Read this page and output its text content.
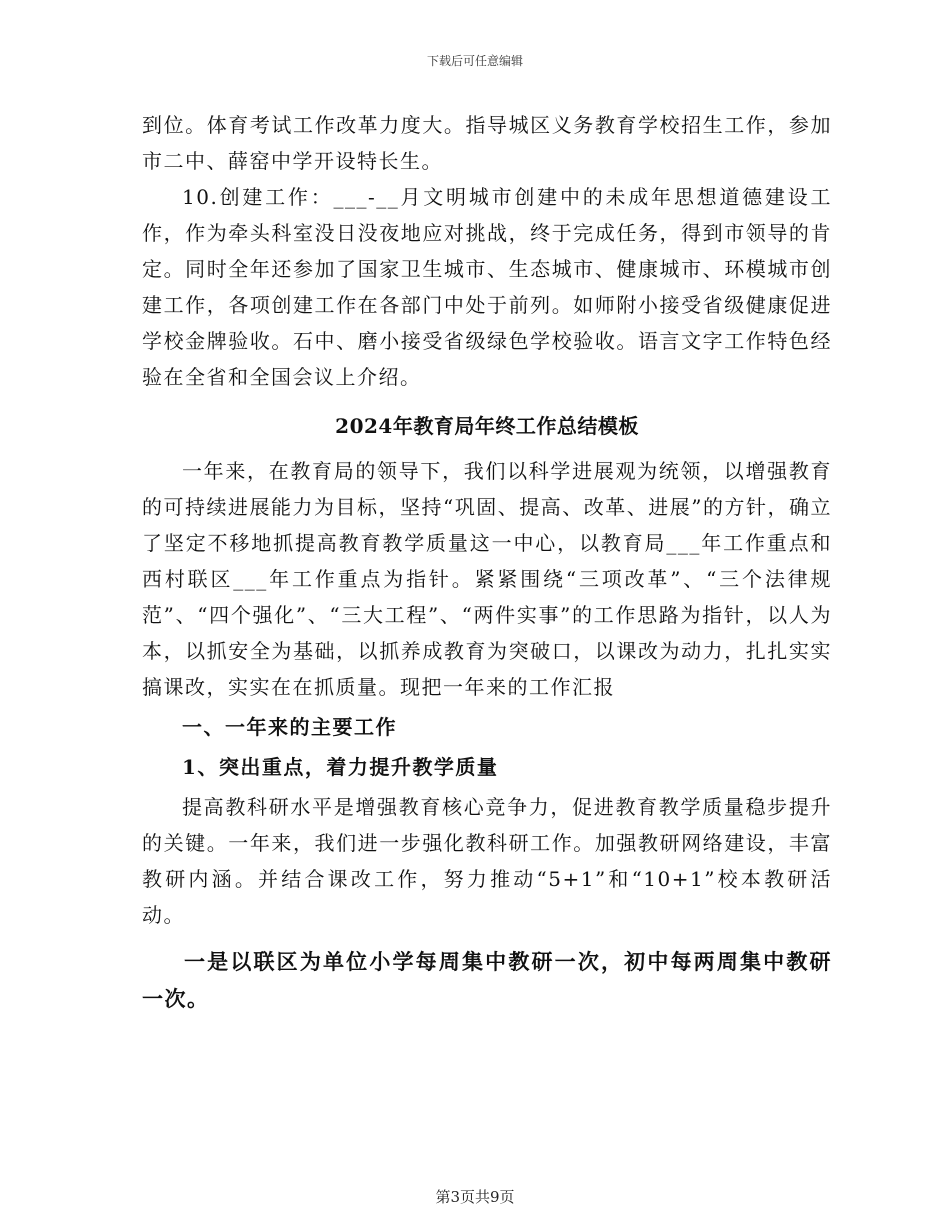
下载后可任意编辑

到位。体育考试工作改革力度大。指导城区义务教育学校招生工作，参加市二中、薛窑中学开设特长生。

10.创建工作：___-__月文明城市创建中的未成年思想道德建设工作，作为牵头科室没日没夜地应对挑战，终于完成任务，得到市领导的肯定。同时全年还参加了国家卫生城市、生态城市、健康城市、环模城市创建工作，各项创建工作在各部门中处于前列。如师附小接受省级健康促进学校金牌验收。石中、磨小接受省级绿色学校验收。语言文字工作特色经验在全省和全国会议上介绍。

2024年教育局年终工作总结模板

一年来，在教育局的领导下，我们以科学进展观为统领，以增强教育的可持续进展能力为目标，坚持“巩固、提高、改革、进展”的方针，确立了坚定不移地抓提高教育教学质量这一中心，以教育局___年工作重点和西村联区___年工作重点为指针。紧紧围绕“三项改革”、“三个法律规范”、“四个强化”、“三大工程”、“两件实事”的工作思路为指针，以人为本，以抓安全为基础，以抓养成教育为突破口，以课改为动力，扎扎实实搞课改，实实在在抓质量。现把一年来的工作汇报

一、一年来的主要工作
1、突出重点，着力提升教学质量

提高教科研水平是增强教育核心竞争力，促进教育教学质量稳步提升的关键。一年来，我们进一步强化教科研工作。加强教研网络建设，丰富教研内涵。并结合课改工作，努力推动“5+1”和“10+1”校本教研活动。

一是以联区为单位小学每周集中教研一次，初中每两周集中教研一次。

第3页共9页
